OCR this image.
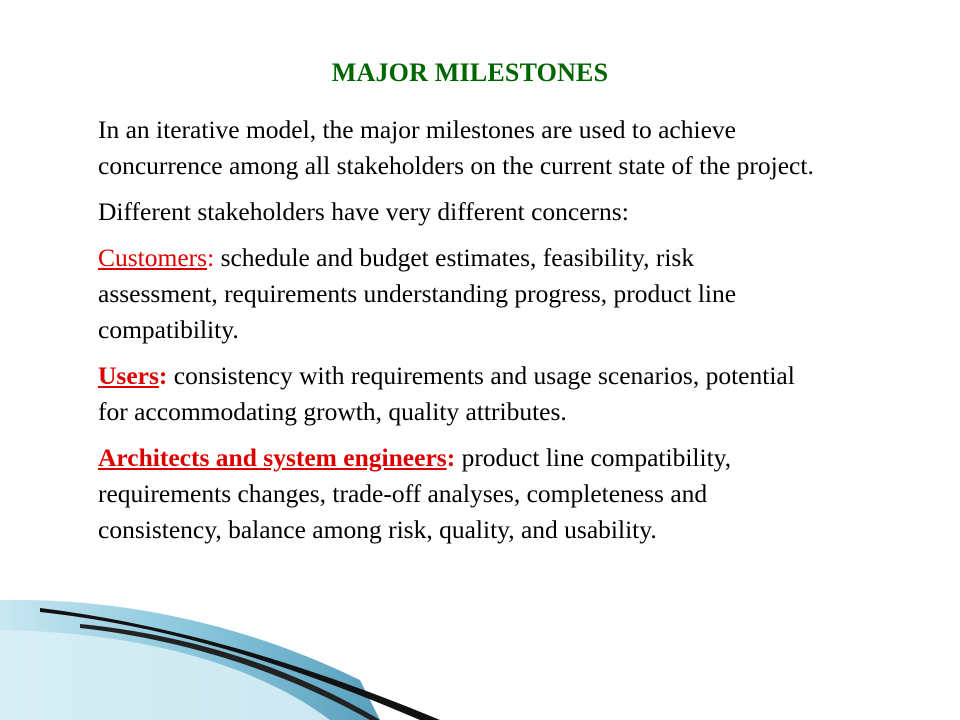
MAJOR MILESTONES

In an iterative model, the major milestones are used to achieve concurrence among all stakeholders on the current state of the project.

Different stakeholders have very different concerns:

Customers: schedule and budget estimates, feasibility, risk assessment, requirements understanding progress, product line compatibility.

Users: consistency with requirements and usage scenarios, potential for accommodating growth, quality attributes.

Architects and system engineers: product line compatibility, requirements changes, trade-off analyses, completeness and consistency, balance among risk, quality, and usability.
